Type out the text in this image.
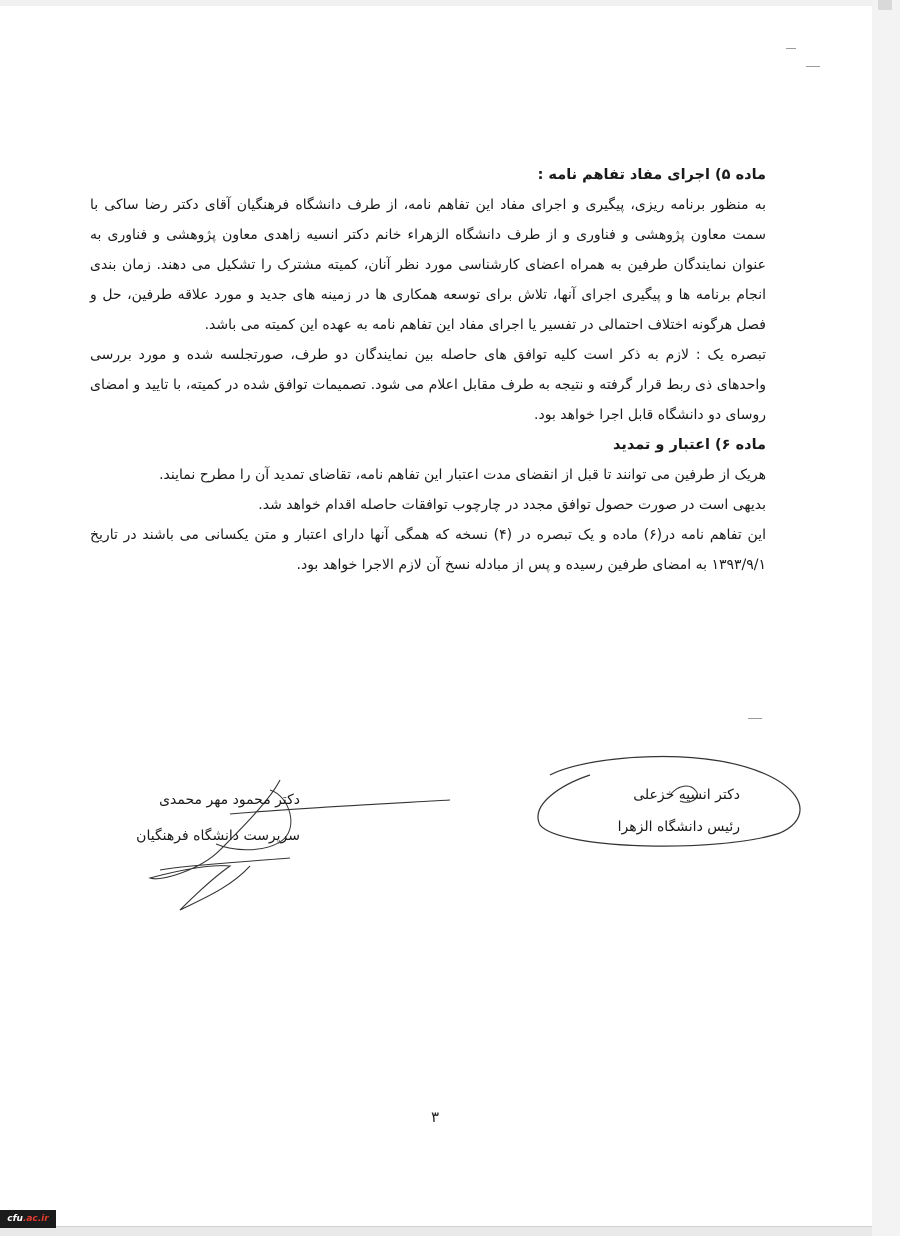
ماده ۵) اجرای مفاد تفاهم نامه :

به منظور برنامه ریزی، پیگیری و اجرای مفاد این تفاهم نامه، از طرف دانشگاه فرهنگیان آقای دکتر رضا ساکی با سمت معاون پژوهشی و فناوری و از طرف دانشگاه الزهراء خانم دکتر انسیه زاهدی معاون پژوهشی و فناوری به عنوان نمایندگان طرفین به همراه اعضای کارشناسی مورد نظر آنان، کمیته مشترک را تشکیل می دهند. زمان بندی انجام برنامه ها و پیگیری اجرای آنها، تلاش برای توسعه همکاری ها در زمینه های جدید و مورد علاقه طرفین، حل و فصل هرگونه اختلاف احتمالی در تفسیر یا اجرای مفاد این تفاهم نامه به عهده این کمیته می باشد.

تبصره یک : لازم به ذکر است کلیه توافق های حاصله بین نمایندگان دو طرف، صورتجلسه شده و مورد بررسی واحدهای ذی ربط قرار گرفته و نتیجه به طرف مقابل اعلام می شود. تصمیمات توافق شده در کمیته، با تایید و امضای روسای دو دانشگاه قابل اجرا خواهد بود.

ماده ۶) اعتبار و تمدید

هریک از طرفین می توانند تا قبل از انقضای مدت اعتبار این تفاهم نامه، تقاضای تمدید آن را مطرح نمایند.

بدیهی است در صورت حصول توافق مجدد در چارچوب توافقات حاصله اقدام خواهد شد.

این تفاهم نامه در(۶) ماده و یک تبصره در (۴) نسخه که همگی آنها دارای اعتبار و متن یکسانی می باشند در تاریخ ۱۳۹۳/۹/۱ به امضای طرفین رسیده و پس از مبادله نسخ آن لازم الاجرا خواهد بود.

دکتر انسیه خزعلی
رئیس دانشگاه الزهرا
دکتر محمود مهر محمدی
سرپرست دانشگاه فرهنگیان
۳
cfu.ac.ir
